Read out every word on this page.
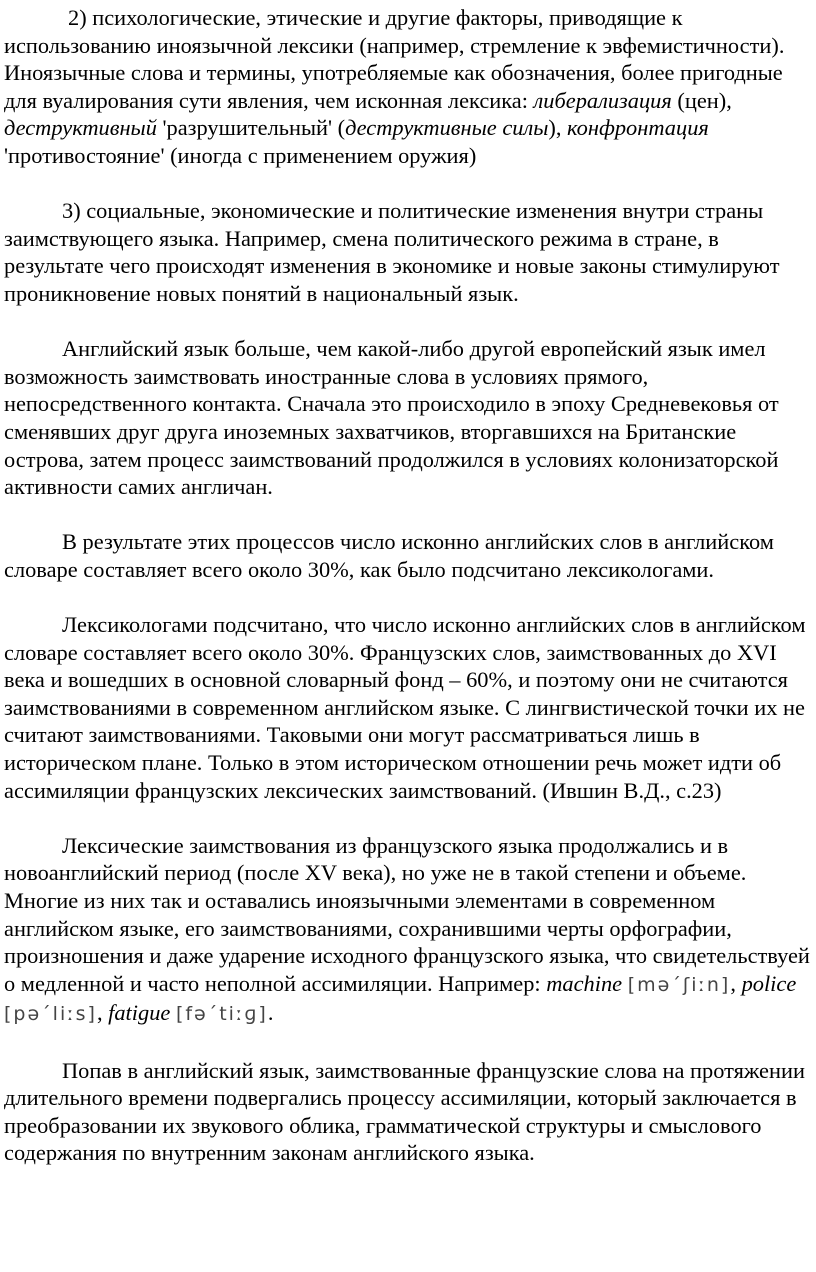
2) психологические, этические и другие факторы, приводящие к использованию иноязычной лексики (например, стремление к эвфемистичности). Иноязычные слова и термины, употребляемые как обозначения, более пригодные для вуалирования сути явления, чем исконная лексика: либерализация (цен), деструктивный 'разрушительный' (деструктивные силы), конфронтация 'противостояние' (иногда с применением оружия)

3) социальные, экономические и политические изменения внутри страны заимствующего языка. Например, смена политического режима в стране, в результате чего происходят изменения в экономике и новые законы стимулируют проникновение новых понятий в национальный язык.

Английский язык больше, чем какой-либо другой европейский язык имел возможность заимствовать иностранные слова в условиях прямого, непосредственного контакта. Сначала это происходило в эпоху Средневековья от сменявших друг друга иноземных захватчиков, вторгавшихся на Британские острова, затем процесс заимствований продолжился в условиях колонизаторской активности самих англичан.

В результате этих процессов число исконно английских слов в английском словаре составляет всего около 30%, как было подсчитано лексикологами.

Лексикологами подсчитано, что число исконно английских слов в английском словаре составляет всего около 30%. Французских слов, заимствованных до XVI века и вошедших в основной словарный фонд – 60%, и поэтому они не считаются заимствованиями в современном английском языке. С лингвистической точки их не считают заимствованиями. Таковыми они могут рассматриваться лишь в историческом плане. Только в этом историческом отношении речь может идти об ассимиляции французских лексических заимствований. (Ившин В.Д., с.23)

Лексические заимствования из французского языка продолжались и в новоанглийский период (после XV века), но уже не в такой степени и объеме. Многие из них так и оставались иноязычными элементами в современном английском языке, его заимствованиями, сохранившими черты орфографии, произношения и даже ударение исходного французского языка, что свидетельствуей о медленной и часто неполной ассимиляции. Например: machine [məˊʃiːn], police [pəˊliːs], fatigue [fəˊtiːɡ].

Попав в английский язык, заимствованные французские слова на протяжении длительного времени подвергались процессу ассимиляции, который заключается в преобразовании их звукового облика, грамматической структуры и смыслового содержания по внутренним законам английского языка.
